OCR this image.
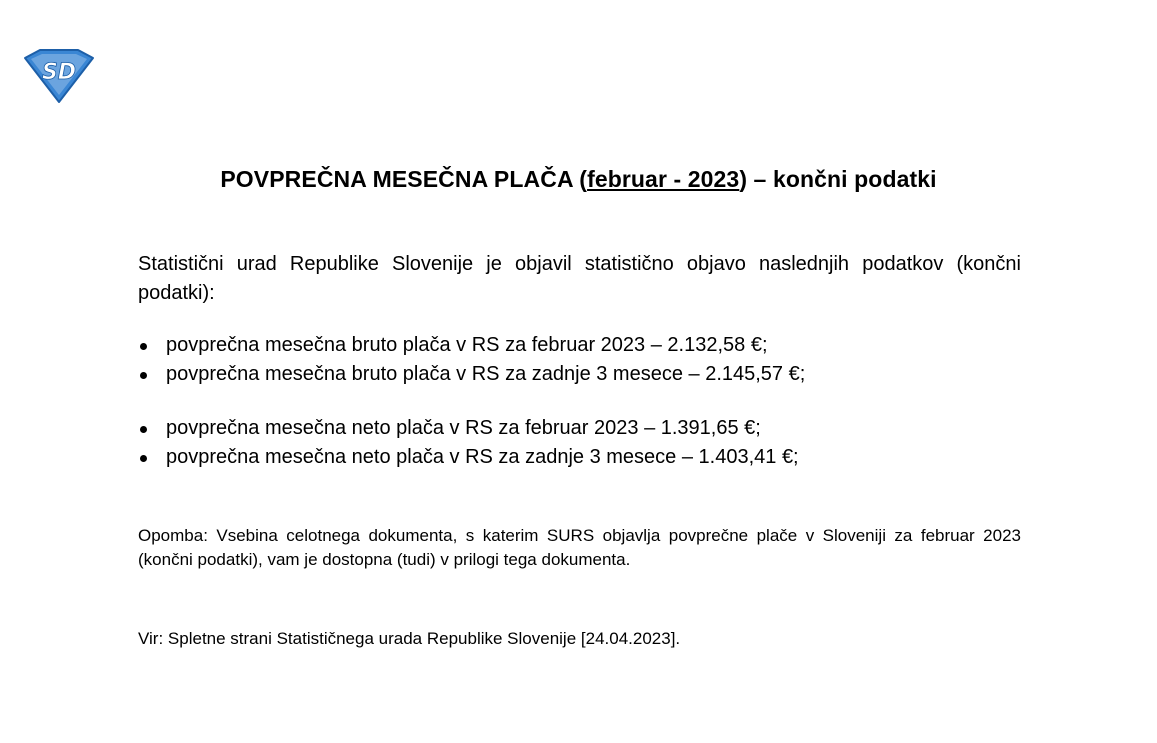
SD
POVPREČNA MESEČNA PLAČA (februar - 2023) – končni podatki
Statistični urad Republike Slovenije je objavil statistično objavo naslednjih podatkov (končni podatki):
povprečna mesečna bruto plača v RS za februar 2023 – 2.132,58 €;
povprečna mesečna bruto plača v RS za zadnje 3 mesece – 2.145,57 €;
povprečna mesečna neto plača v RS za februar 2023 – 1.391,65 €;
povprečna mesečna neto plača v RS za zadnje 3 mesece – 1.403,41 €;
Opomba: Vsebina celotnega dokumenta, s katerim SURS objavlja povprečne plače v Sloveniji za februar 2023 (končni podatki), vam je dostopna (tudi) v prilogi tega dokumenta.
Vir: Spletne strani Statističnega urada Republike Slovenije [24.04.2023].
